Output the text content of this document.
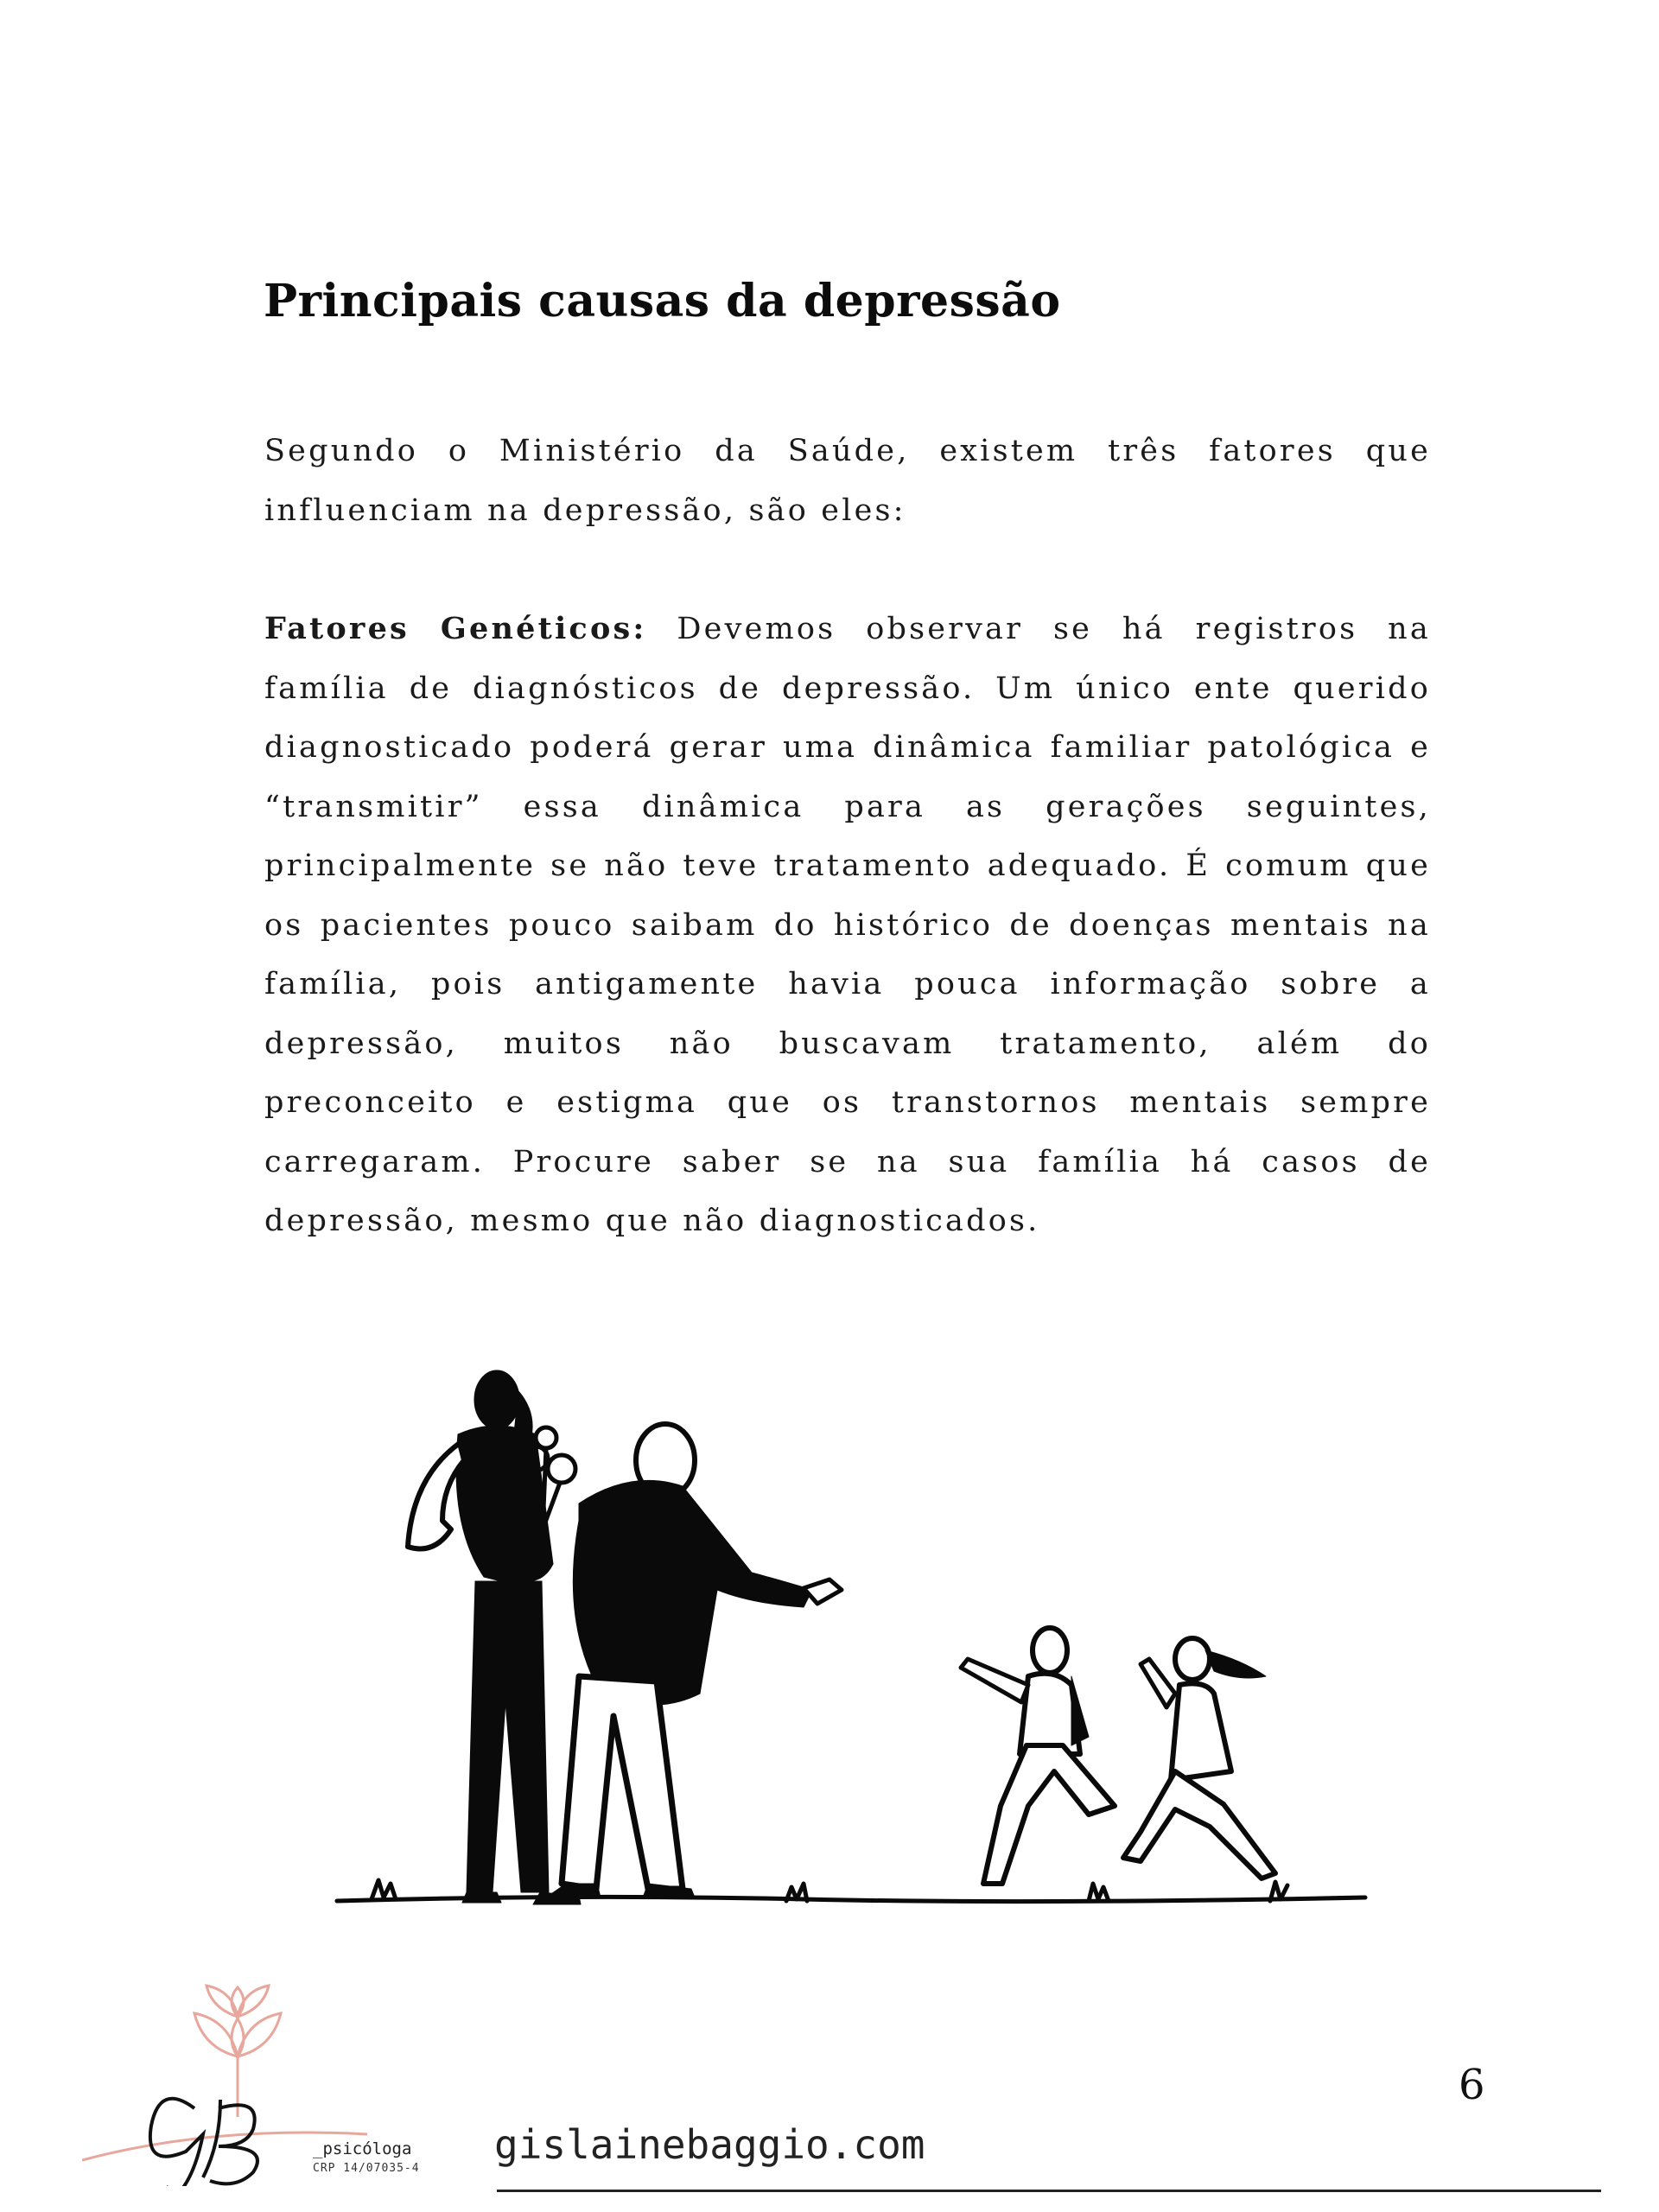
Principais causas da depressão

Segundo o Ministério da Saúde, existem três fatores que influenciam na depressão, são eles:

Fatores Genéticos: Devemos observar se há registros na família de diagnósticos de depressão. Um único ente querido diagnosticado poderá gerar uma dinâmica familiar patológica e “transmitir” essa dinâmica para as gerações seguintes, principalmente se não teve tratamento adequado. É comum que os pacientes pouco saibam do histórico de doenças mentais na família, pois antigamente havia pouca informação sobre a depressão, muitos não buscavam tratamento, além do preconceito e estigma que os transtornos mentais sempre carregaram. Procure saber se na sua família há casos de depressão, mesmo que não diagnosticados.

_psicóloga
CRP 14/07035-4
gislainebaggio.com
6
